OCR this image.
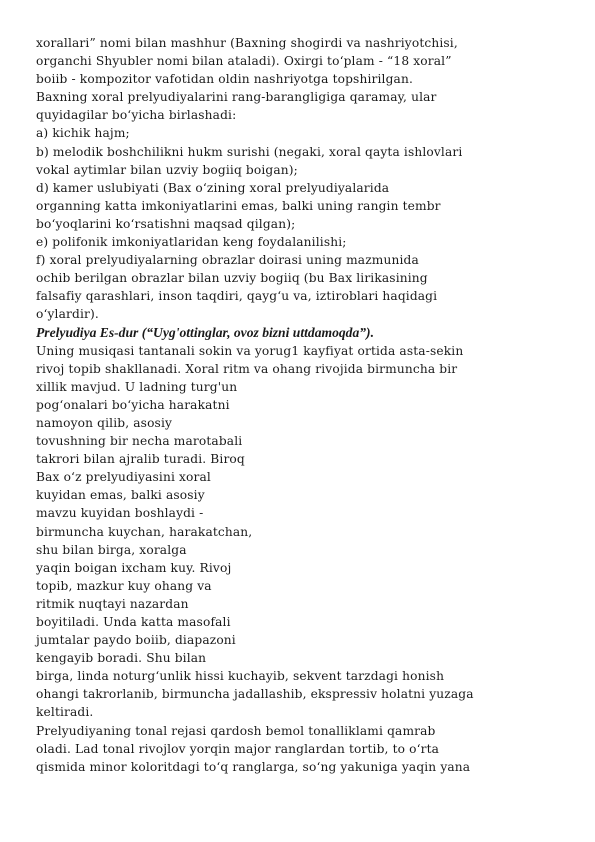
xorallari” nomi bilan mashhur (Baxning shogirdi va nashriyotchisi,
organchi Shyubler nomi bilan ataladi). Oxirgi to‘plam - “18 xoral”
boiib - kompozitor vafotidan oldin nashriyotga topshirilgan.
Baxning xoral prelyudiyalarini rang-barangligiga qaramay, ular
quyidagilar bo‘yicha birlashadi:
a) kichik hajm;
b) melodik boshchilikni hukm surishi (negaki, xoral qayta ishlovlari
vokal aytimlar bilan uzviy bogiiq boigan);
d) kamer uslubiyati (Bax o‘zining xoral prelyudiyalarida
organning katta imkoniyatlarini emas, balki uning rangin tembr
bo‘yoqlarini ko‘rsatishni maqsad qilgan);
e) polifonik imkoniyatlaridan keng foydalanilishi;
f) xoral prelyudiyalarning obrazlar doirasi uning mazmunida
ochib berilgan obrazlar bilan uzviy bogiiq (bu Bax lirikasining
falsafiy qarashlari, inson taqdiri, qayg‘u va, iztiroblari haqidagi
o‘ylardir).
Prelyudiya Es-dur (“Uyg'ottinglar, ovoz bizni uttdamoqda”).
Uning musiqasi tantanali sokin va yorug1 kayfiyat ortida asta-sekin
rivoj topib shakllanadi. Xoral ritm va ohang rivojida birmuncha bir
xillik mavjud. U ladning turg'un
pog‘onalari bo‘yicha harakatni
namoyon qilib, asosiy
tovushning bir necha marotabali
takrori bilan ajralib turadi. Biroq
Bax o‘z prelyudiyasini xoral
kuyidan emas, balki asosiy
mavzu kuyidan boshlaydi -
birmuncha kuychan, harakatchan,
shu bilan birga, xoralga
yaqin boigan ixcham kuy. Rivoj
topib, mazkur kuy ohang va
ritmik nuqtayi nazardan
boyitiladi. Unda katta masofali
jumtalar paydo boiib, diapazoni
kengayib boradi. Shu bilan
birga, linda noturg‘unlik hissi kuchayib, sekvent tarzdagi honish
ohangi takrorlanib, birmuncha jadallashib, ekspressiv holatni yuzaga
keltiradi.
Prelyudiyaning tonal rejasi qardosh bemol tonalliklami qamrab
oladi. Lad tonal rivojlov yorqin major ranglardan tortib, to o‘rta
qismida minor koloritdagi to‘q ranglarga, so‘ng yakuniga yaqin yana
